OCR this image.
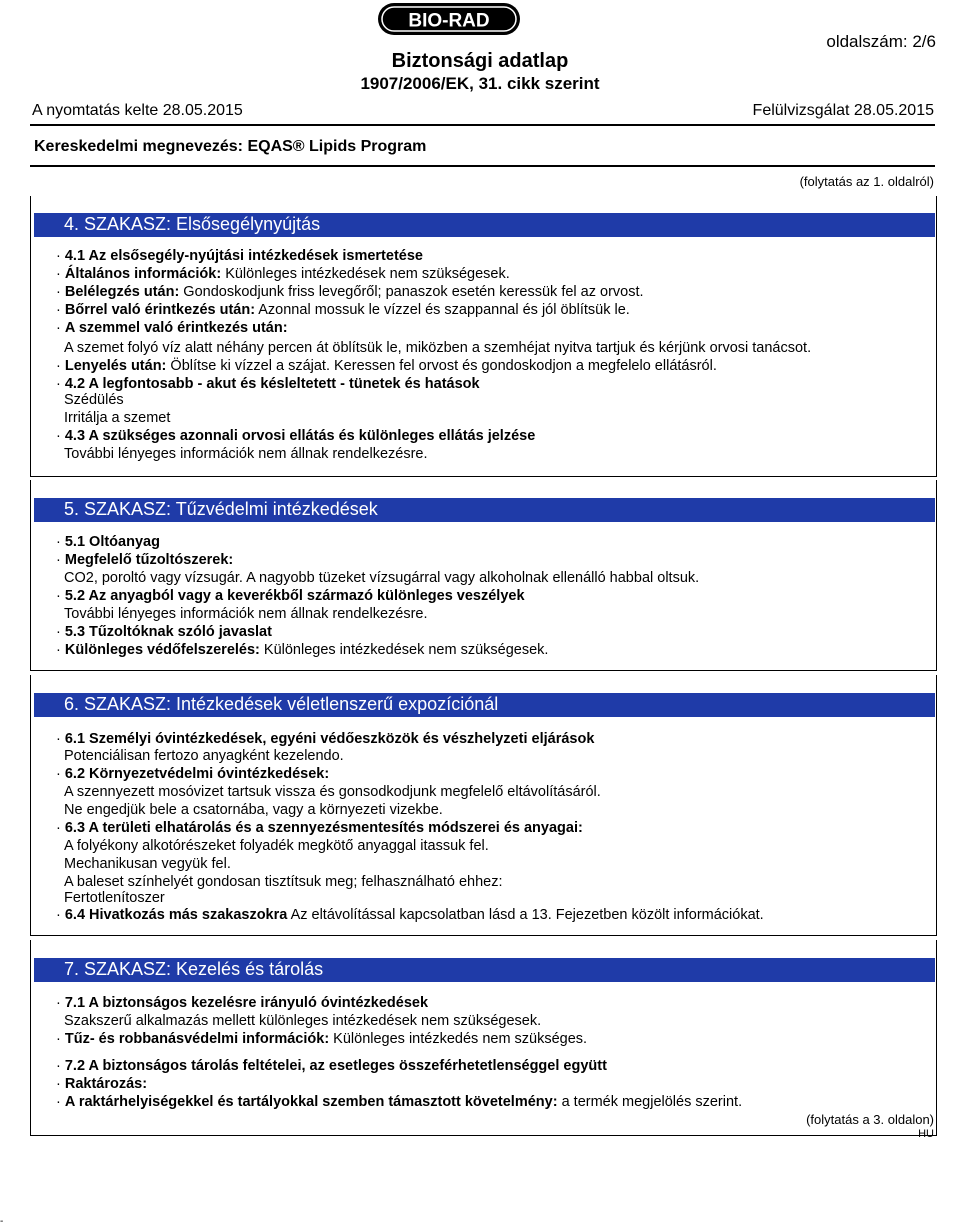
BIO-RAD
oldalszám: 2/6
Biztonsági adatlap
1907/2006/EK, 31. cikk szerint
A nyomtatás kelte 28.05.2015	Felülvizsgálat 28.05.2015
Kereskedelmi megnevezés: EQAS® Lipids Program
(folytatás az 1. oldalról)
4. SZAKASZ: Elsősegélynyújtás
· 4.1 Az elsősegély-nyújtási intézkedések ismertetése
· Általános információk: Különleges intézkedések nem szükségesek.
· Belélegzés után: Gondoskodjunk friss levegőről; panaszok esetén keressük fel az orvost.
· Bőrrel való érintkezés után: Azonnal mossuk le vízzel és szappannal és jól öblítsük le.
· A szemmel való érintkezés után:
A szemet folyó víz alatt néhány percen át öblítsük le, miközben a szemhéjat nyitva tartjuk és kérjünk orvosi tanácsot.
· Lenyelés után: Öblítse ki vízzel a szájat. Keressen fel orvost és gondoskodjon a megfelelo ellátásról.
· 4.2 A legfontosabb - akut és késleltetett - tünetek és hatások
Szédülés
Irritálja a szemet
· 4.3 A szükséges azonnali orvosi ellátás és különleges ellátás jelzése
További lényeges információk nem állnak rendelkezésre.
5. SZAKASZ: Tűzvédelmi intézkedések
· 5.1 Oltóanyag
· Megfelelő tűzoltószerek:
CO2, poroltó vagy vízsugár. A nagyobb tüzeket vízsugárral vagy alkoholnak ellenálló habbal oltsuk.
· 5.2 Az anyagból vagy a keverékből származó különleges veszélyek
További lényeges információk nem állnak rendelkezésre.
· 5.3 Tűzoltóknak szóló javaslat
· Különleges védőfelszerelés: Különleges intézkedések nem szükségesek.
6. SZAKASZ: Intézkedések véletlenszerű expozíciónál
· 6.1 Személyi óvintézkedések, egyéni védőeszközök és vészhelyzeti eljárások
Potenciálisan fertozo anyagként kezelendo.
· 6.2 Környezetvédelmi óvintézkedések:
A szennyezett mosóvizet tartsuk vissza és gonsodkodjunk megfelelő eltávolításáról.
Ne engedjük bele a csatornába, vagy a környezeti vizekbe.
· 6.3 A területi elhatárolás és a szennyezésmentesítés módszerei és anyagai:
A folyékony alkotórészeket folyadék megkötő anyaggal itassuk fel.
Mechanikusan vegyük fel.
A baleset színhelyét gondosan tisztítsuk meg; felhasználható ehhez:
Fertotlenítoszer
· 6.4 Hivatkozás más szakaszokra Az eltávolítással kapcsolatban lásd a 13. Fejezetben közölt információkat.
7. SZAKASZ: Kezelés és tárolás
· 7.1 A biztonságos kezelésre irányuló óvintézkedések
Szakszerű alkalmazás mellett különleges intézkedések nem szükségesek.
· Tűz- és robbanásvédelmi információk: Különleges intézkedés nem szükséges.
· 7.2 A biztonságos tárolás feltételei, az esetleges összeférhetetlenséggel együtt
· Raktározás:
· A raktárhelyiségekkel és tartályokkal szemben támasztott követelmény: a termék megjelölés szerint.
(folytatás a 3. oldalon)
HU
-
